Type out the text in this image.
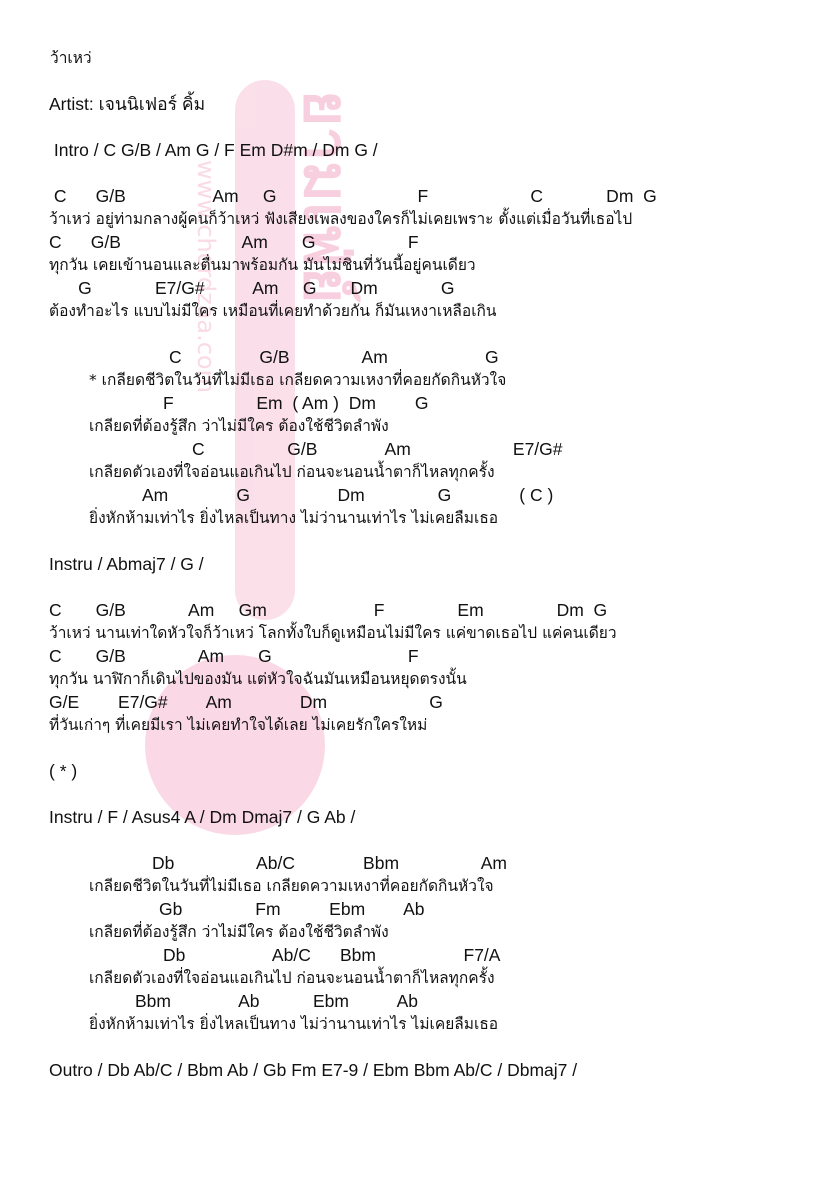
ยามเฟ่ย์
www.chordzaa.com
ว้าเหว่
Artist: เจนนิเฟอร์ คิ้ม
Intro / C G/B / Am G / F Em D#m / Dm G /
C      G/B                  Am     G                             F                     C             Dm  G
ว้าเหว่ อยู่ท่ามกลางผู้คนก็ว้าเหว่ ฟังเสียงเพลงของใครก็ไม่เคยเพราะ ตั้งแต่เมื่อวันที่เธอไป
C      G/B                         Am       G                   F
ทุกวัน เคยเข้านอนและตื่นมาพร้อมกัน มันไม่ชินที่วันนี้อยู่คนเดียว
G             E7/G#          Am     G       Dm             G
ต้องทำอะไร แบบไม่มีใคร เหมือนที่เคยทำด้วยกัน ก็มันเหงาเหลือเกิน
C                G/B               Am                    G
* เกลียดชีวิตในวันที่ไม่มีเธอ เกลียดความเหงาที่คอยกัดกินหัวใจ
F                 Em  ( Am )  Dm        G
เกลียดที่ต้องรู้สึก ว่าไม่มีใคร ต้องใช้ชีวิตลำพัง
C                 G/B              Am                     E7/G#
เกลียดตัวเองที่ใจอ่อนแอเกินไป ก่อนจะนอนน้ำตาก็ไหลทุกครั้ง
Am              G                  Dm               G              ( C )
ยิ่งหักห้ามเท่าไร ยิ่งไหลเป็นทาง ไม่ว่านานเท่าไร ไม่เคยลืมเธอ
Instru / Abmaj7 / G /
C       G/B             Am     Gm                      F               Em               Dm  G
ว้าเหว่ นานเท่าใดหัวใจก็ว้าเหว่ โลกทั้งใบก็ดูเหมือนไม่มีใคร แค่ขาดเธอไป แค่คนเดียว
C       G/B               Am       G                            F
ทุกวัน นาฬิกาก็เดินไปของมัน แต่หัวใจฉันมันเหมือนหยุดตรงนั้น
G/E        E7/G#        Am              Dm                     G
ที่วันเก่าๆ ที่เคยมีเรา ไม่เคยทำใจได้เลย ไม่เคยรักใครใหม่
( * )
Instru / F / Asus4 A / Dm Dmaj7 / G Ab /
Db                 Ab/C              Bbm                 Am
เกลียดชีวิตในวันที่ไม่มีเธอ เกลียดความเหงาที่คอยกัดกินหัวใจ
Gb               Fm          Ebm        Ab
เกลียดที่ต้องรู้สึก ว่าไม่มีใคร ต้องใช้ชีวิตลำพัง
Db                  Ab/C      Bbm                  F7/A
เกลียดตัวเองที่ใจอ่อนแอเกินไป ก่อนจะนอนน้ำตาก็ไหลทุกครั้ง
Bbm              Ab           Ebm          Ab
ยิ่งหักห้ามเท่าไร ยิ่งไหลเป็นทาง ไม่ว่านานเท่าไร ไม่เคยลืมเธอ
Outro / Db Ab/C / Bbm Ab / Gb Fm E7-9 / Ebm Bbm Ab/C / Dbmaj7 /
